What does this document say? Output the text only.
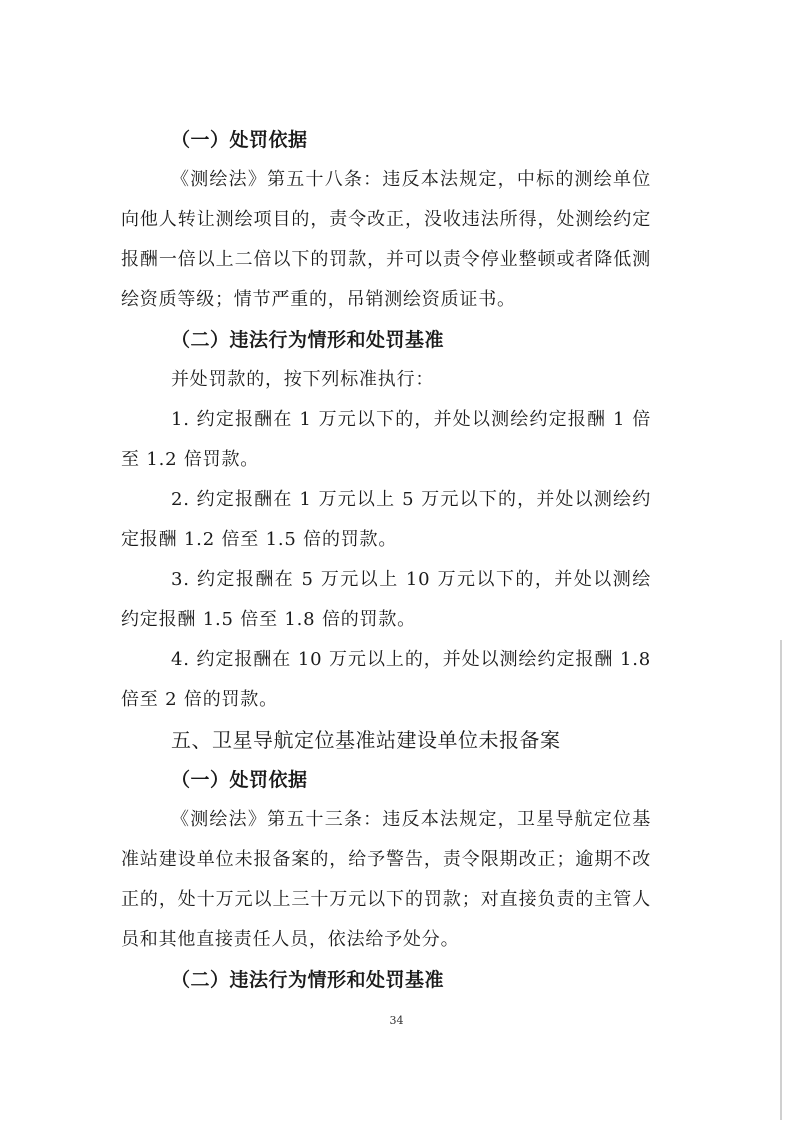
（一）处罚依据

《测绘法》第五十八条：违反本法规定，中标的测绘单位向他人转让测绘项目的，责令改正，没收违法所得，处测绘约定报酬一倍以上二倍以下的罚款，并可以责令停业整顿或者降低测绘资质等级；情节严重的，吊销测绘资质证书。

（二）违法行为情形和处罚基准

并处罚款的，按下列标准执行：

1. 约定报酬在 1 万元以下的，并处以测绘约定报酬 1 倍至 1.2 倍罚款。

2. 约定报酬在 1 万元以上 5 万元以下的，并处以测绘约定报酬 1.2 倍至 1.5 倍的罚款。

3. 约定报酬在 5 万元以上 10 万元以下的，并处以测绘约定报酬 1.5 倍至 1.8 倍的罚款。

4. 约定报酬在 10 万元以上的，并处以测绘约定报酬 1.8 倍至 2 倍的罚款。

五、卫星导航定位基准站建设单位未报备案

（一）处罚依据

《测绘法》第五十三条：违反本法规定，卫星导航定位基准站建设单位未报备案的，给予警告，责令限期改正；逾期不改正的，处十万元以上三十万元以下的罚款；对直接负责的主管人员和其他直接责任人员，依法给予处分。

（二）违法行为情形和处罚基准

34
